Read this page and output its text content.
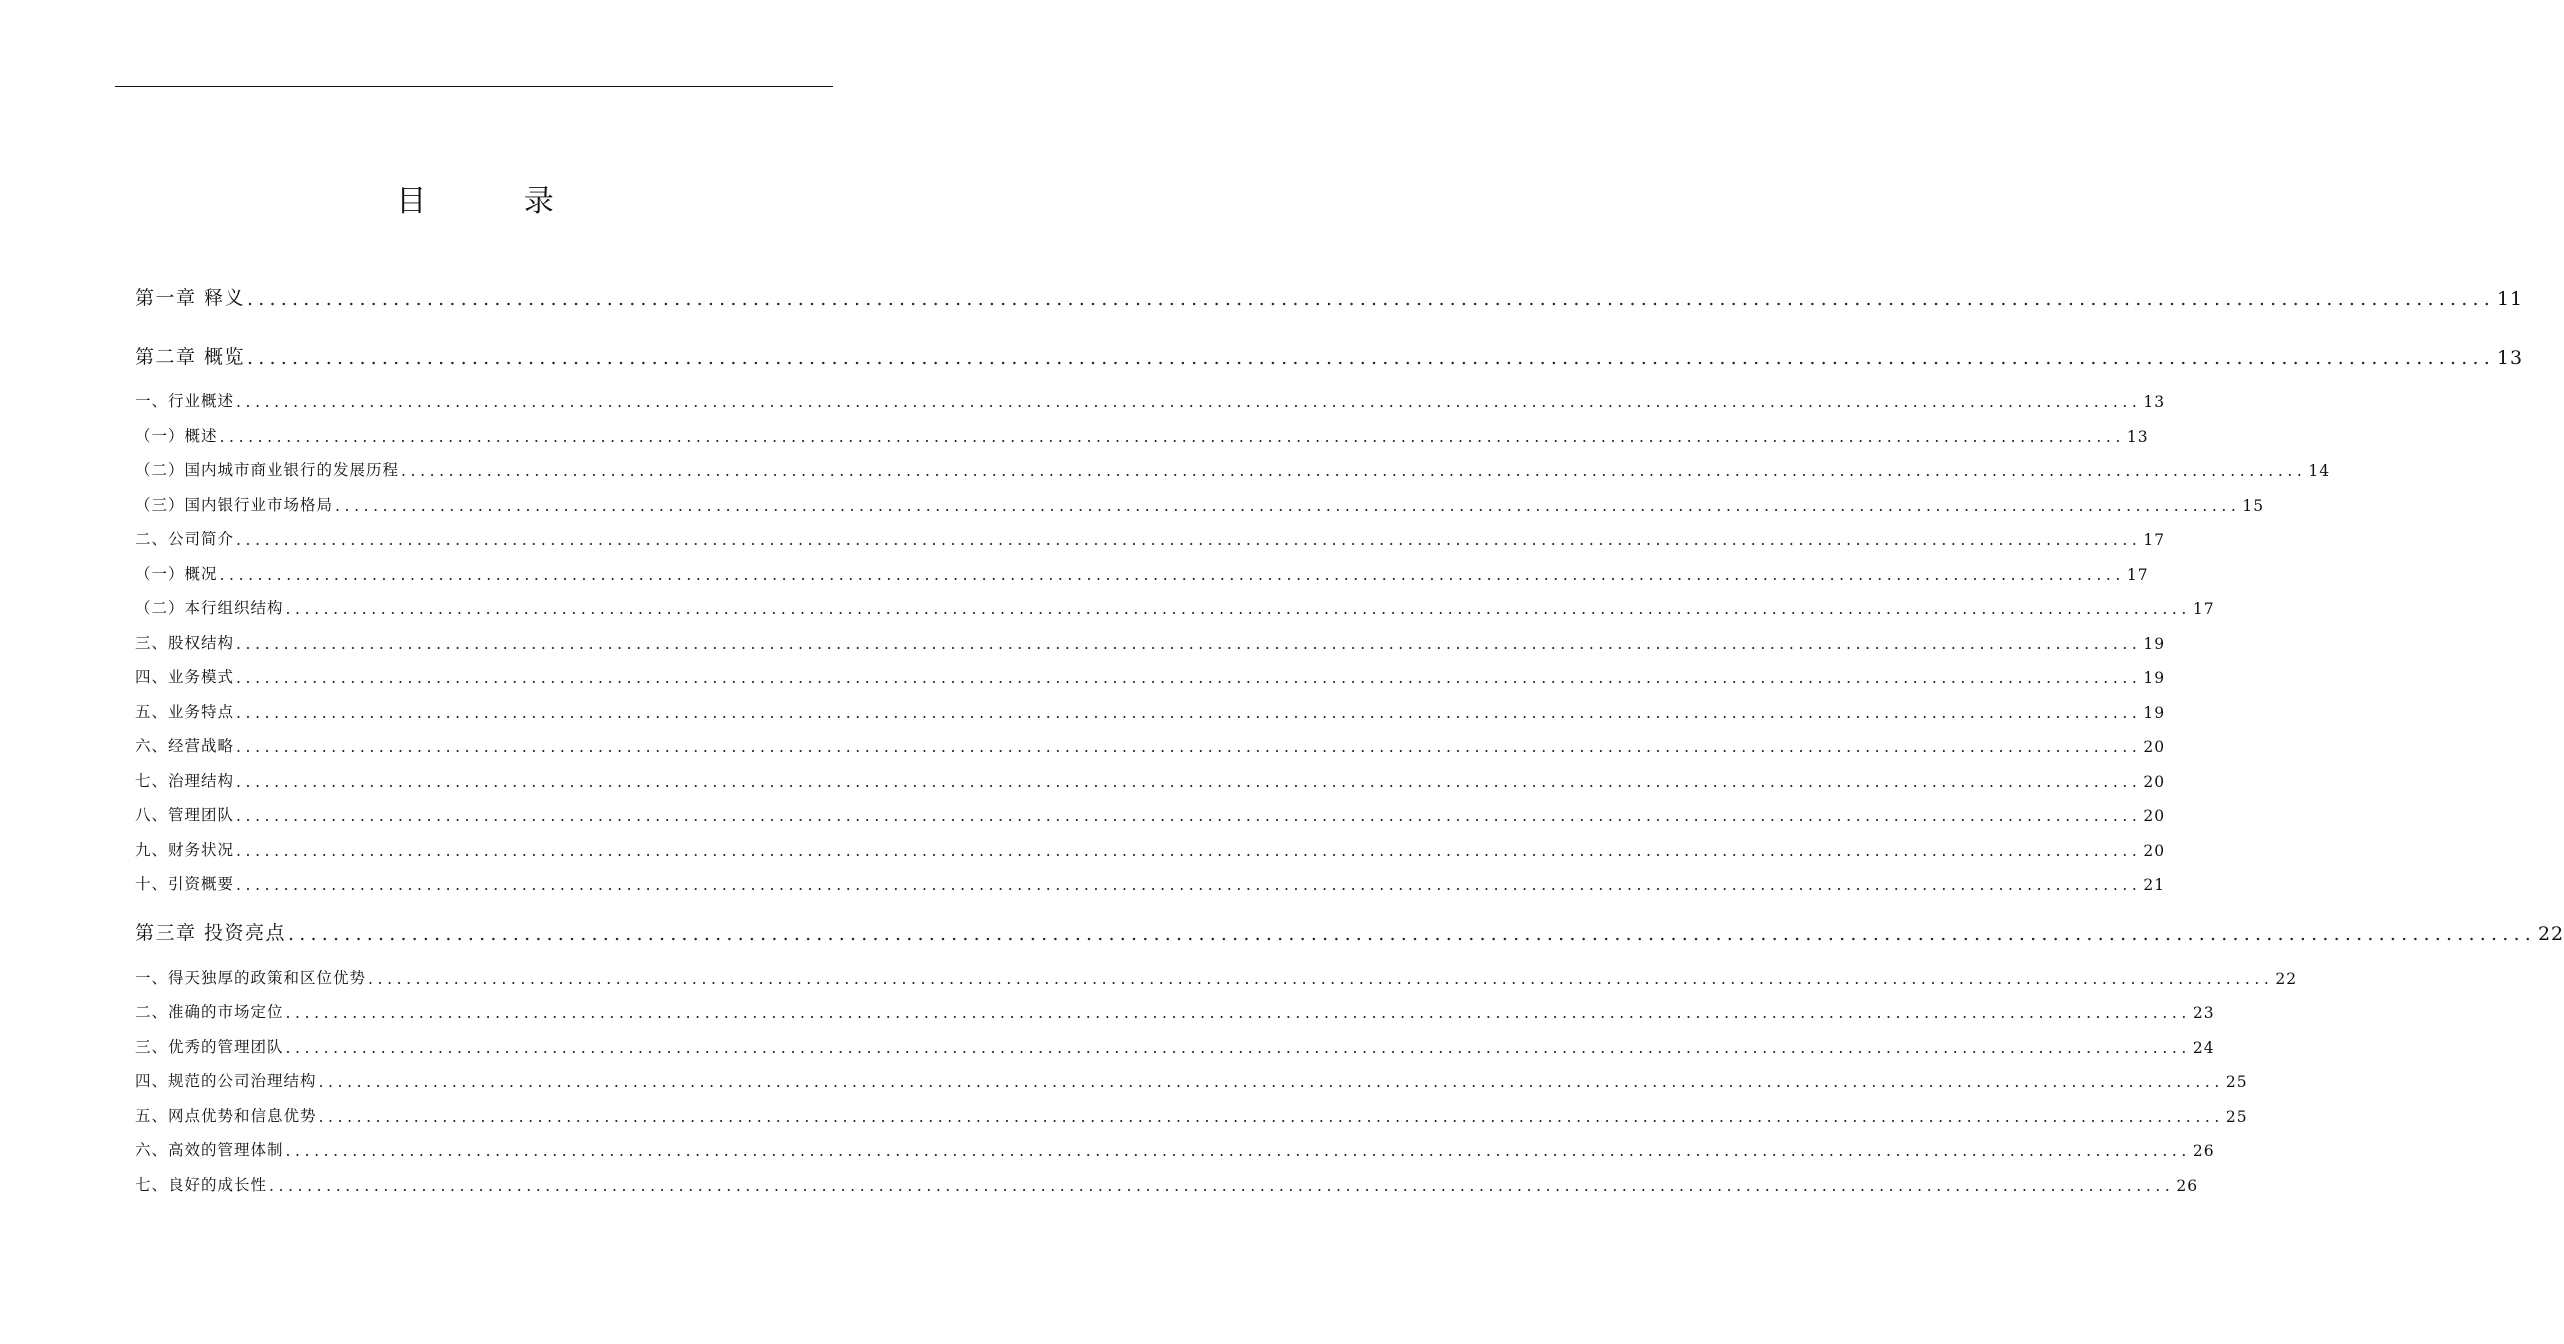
目 录
第一章 释义 ........................................................................................................................................................................................................ 11
第二章 概览 ........................................................................................................................................................................................................ 13
一、行业概述 ........................................................................................................................................................................................................ 13
（一）概述 ........................................................................................................................................................................................................ 13
（二）国内城市商业银行的发展历程 ........................................................................................................................................................................................................ 14
（三）国内银行业市场格局 ........................................................................................................................................................................................................ 15
二、公司简介 ........................................................................................................................................................................................................ 17
（一）概况 ........................................................................................................................................................................................................ 17
（二）本行组织结构 ........................................................................................................................................................................................................ 17
三、股权结构 ........................................................................................................................................................................................................ 19
四、业务模式 ........................................................................................................................................................................................................ 19
五、业务特点 ........................................................................................................................................................................................................ 19
六、经营战略 ........................................................................................................................................................................................................ 20
七、治理结构 ........................................................................................................................................................................................................ 20
八、管理团队 ........................................................................................................................................................................................................ 20
九、财务状况 ........................................................................................................................................................................................................ 20
十、引资概要 ........................................................................................................................................................................................................ 21
第三章 投资亮点 ........................................................................................................................................................................................................ 22
一、得天独厚的政策和区位优势 ........................................................................................................................................................................................................ 22
二、准确的市场定位 ........................................................................................................................................................................................................ 23
三、优秀的管理团队 ........................................................................................................................................................................................................ 24
四、规范的公司治理结构 ........................................................................................................................................................................................................ 25
五、网点优势和信息优势 ........................................................................................................................................................................................................ 25
六、高效的管理体制 ........................................................................................................................................................................................................ 26
七、良好的成长性 ........................................................................................................................................................................................................ 26
